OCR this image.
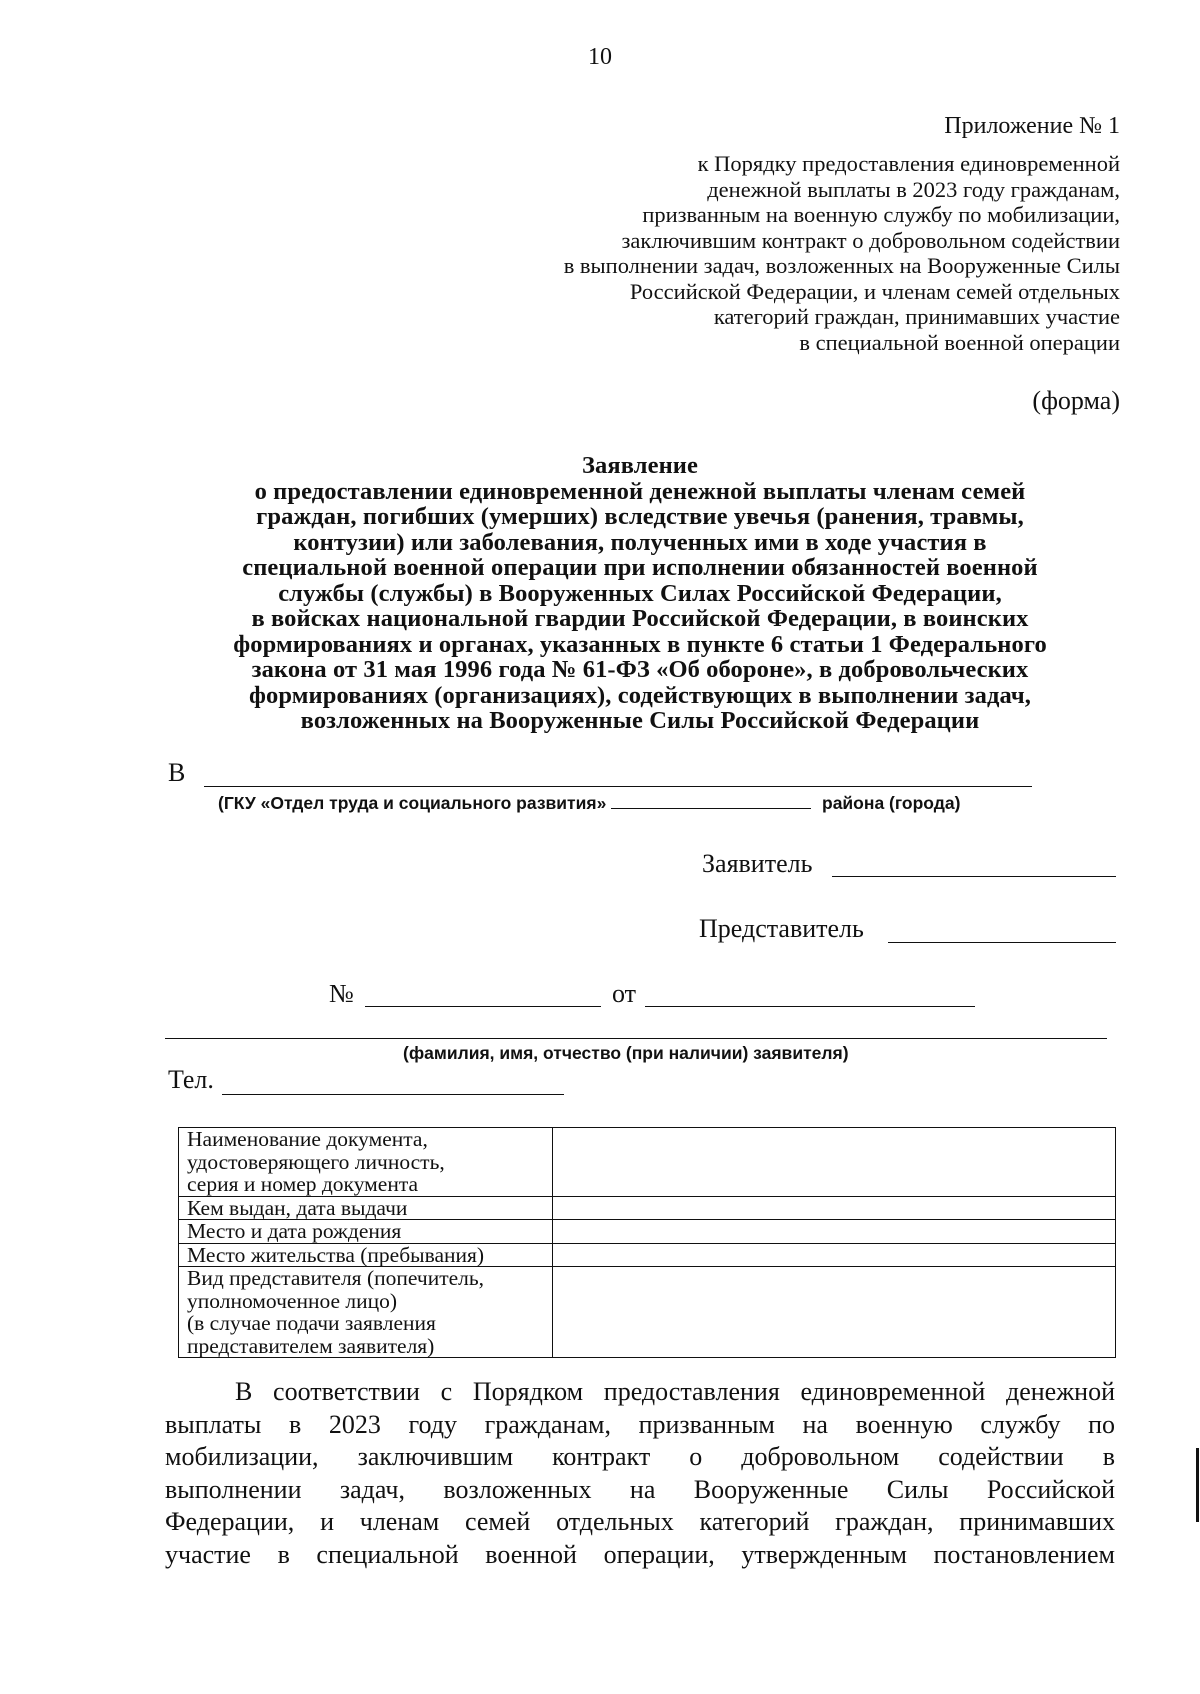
10
Приложение № 1
к Порядку предоставления единовременной
денежной выплаты в 2023 году гражданам,
призванным на военную службу по мобилизации,
заключившим контракт о добровольном содействии
в выполнении задач, возложенных на Вооруженные Силы
Российской Федерации, и членам семей отдельных
категорий граждан, принимавших участие
в специальной военной операции
(форма)
Заявление
о предоставлении единовременной денежной выплаты членам семей
граждан, погибших (умерших) вследствие увечья (ранения, травмы,
контузии) или заболевания, полученных ими в ходе участия в
специальной военной операции при исполнении обязанностей военной
службы (службы) в Вооруженных Силах Российской Федерации,
в войсках национальной гвардии Российской Федерации, в воинских
формированиях и органах, указанных в пункте 6 статьи 1 Федерального
закона от 31 мая 1996 года № 61-ФЗ «Об обороне», в добровольческих
формированиях (организациях), содействующих в выполнении задач,
возложенных на Вооруженные Силы Российской Федерации
В
(ГКУ «Отдел труда и социального развития»	района (города)
Заявитель
Представитель
№	от
(фамилия, имя, отчество (при наличии) заявителя)
Тел.
Наименование документа,
удостоверяющего личность,
серия и номер документа	

Кем выдан, дата выдачи	

Место и дата рождения	

Место жительства (пребывания)	

Вид представителя (попечитель,
уполномоченное лицо)
(в случае подачи заявления
представителем заявителя)	

В соответствии с Порядком предоставления единовременной денежной
выплаты в 2023 году гражданам, призванным на военную службу по
мобилизации, заключившим контракт о добровольном содействии в
выполнении задач, возложенных на Вооруженные Силы Российской
Федерации, и членам семей отдельных категорий граждан, принимавших
участие в специальной военной операции, утвержденным постановлением
